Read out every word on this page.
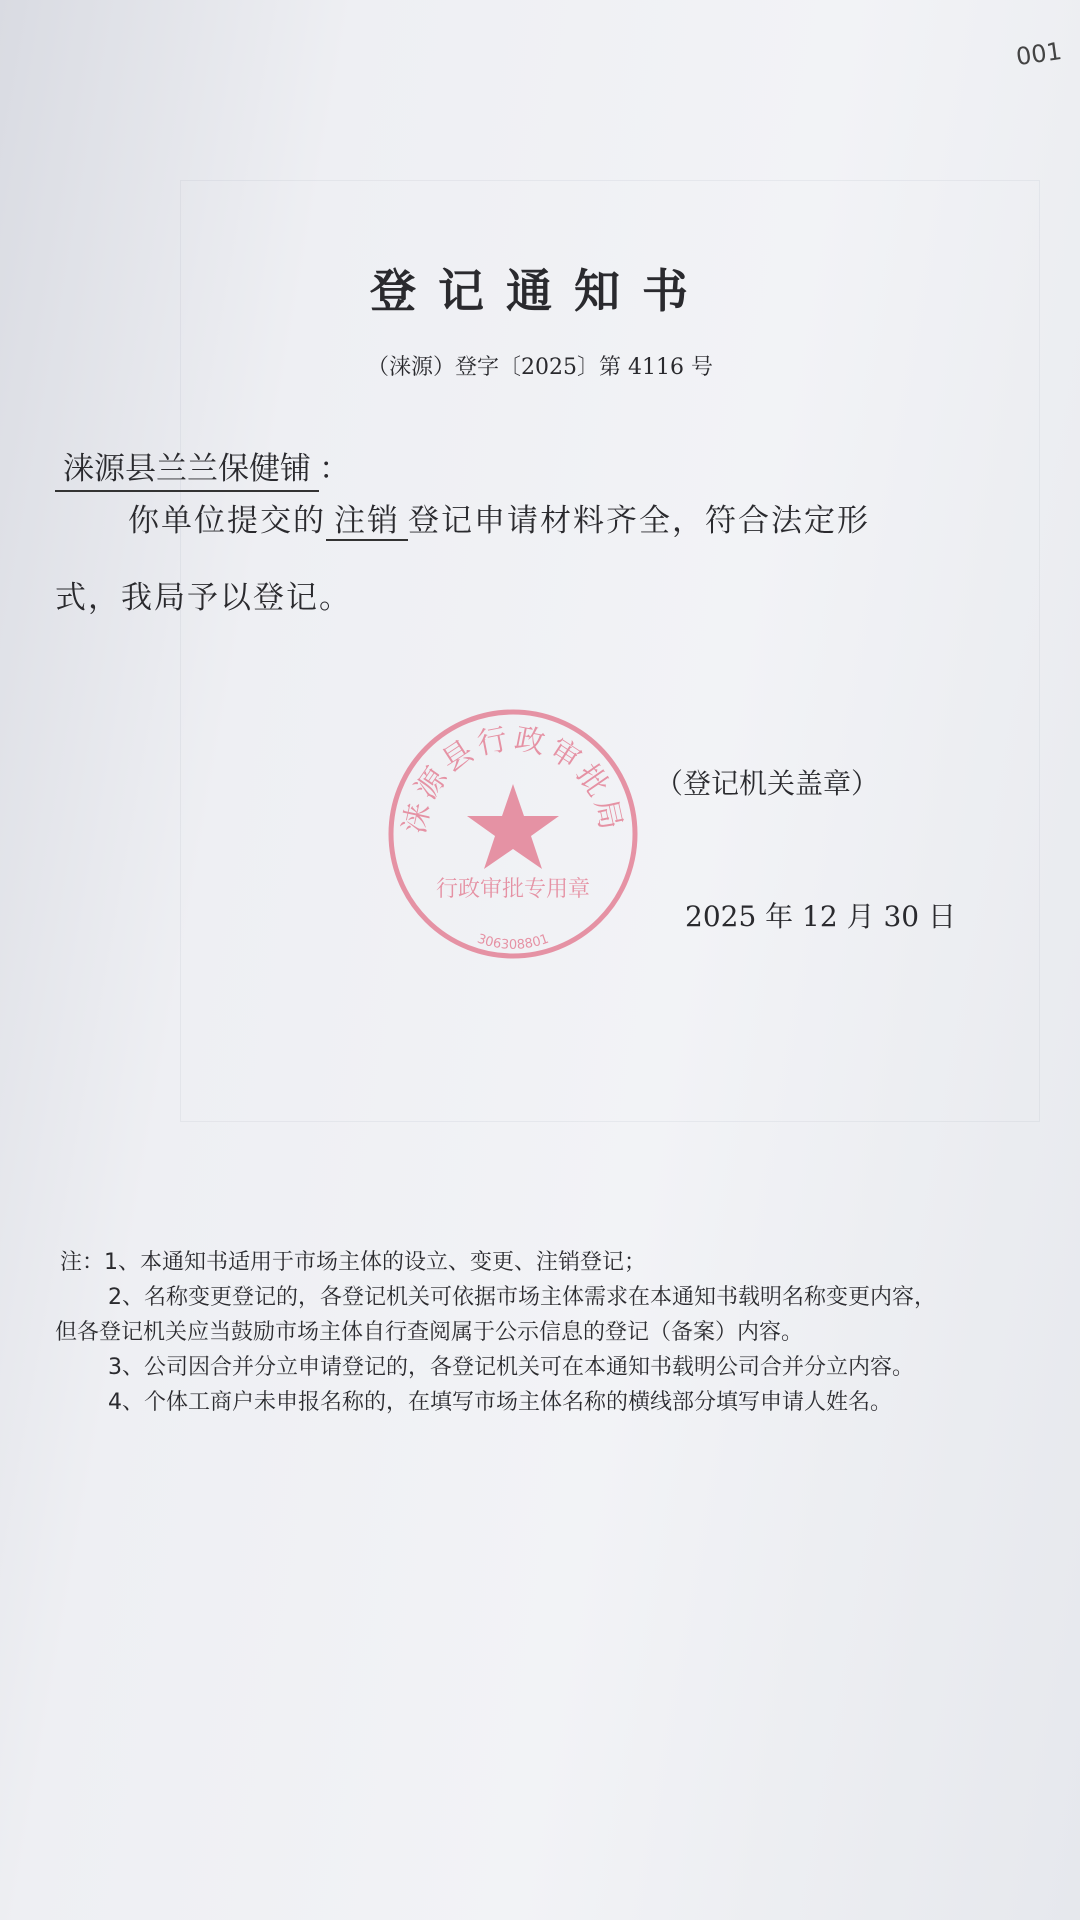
001
登记通知书
（涞源）登字〔2025〕第 4116 号
涞源县兰兰保健铺 ：
你单位提交的 注销 登记申请材料齐全，符合法定形
式，我局予以登记。
涞源县行政审批局
行政审批专用章
306308801
（登记机关盖章）
2025 年 12 月 30 日
注：1、本通知书适用于市场主体的设立、变更、注销登记；
2、名称变更登记的，各登记机关可依据市场主体需求在本通知书载明名称变更内容，
但各登记机关应当鼓励市场主体自行查阅属于公示信息的登记（备案）内容。
3、公司因合并分立申请登记的，各登记机关可在本通知书载明公司合并分立内容。
4、个体工商户未申报名称的，在填写市场主体名称的横线部分填写申请人姓名。
